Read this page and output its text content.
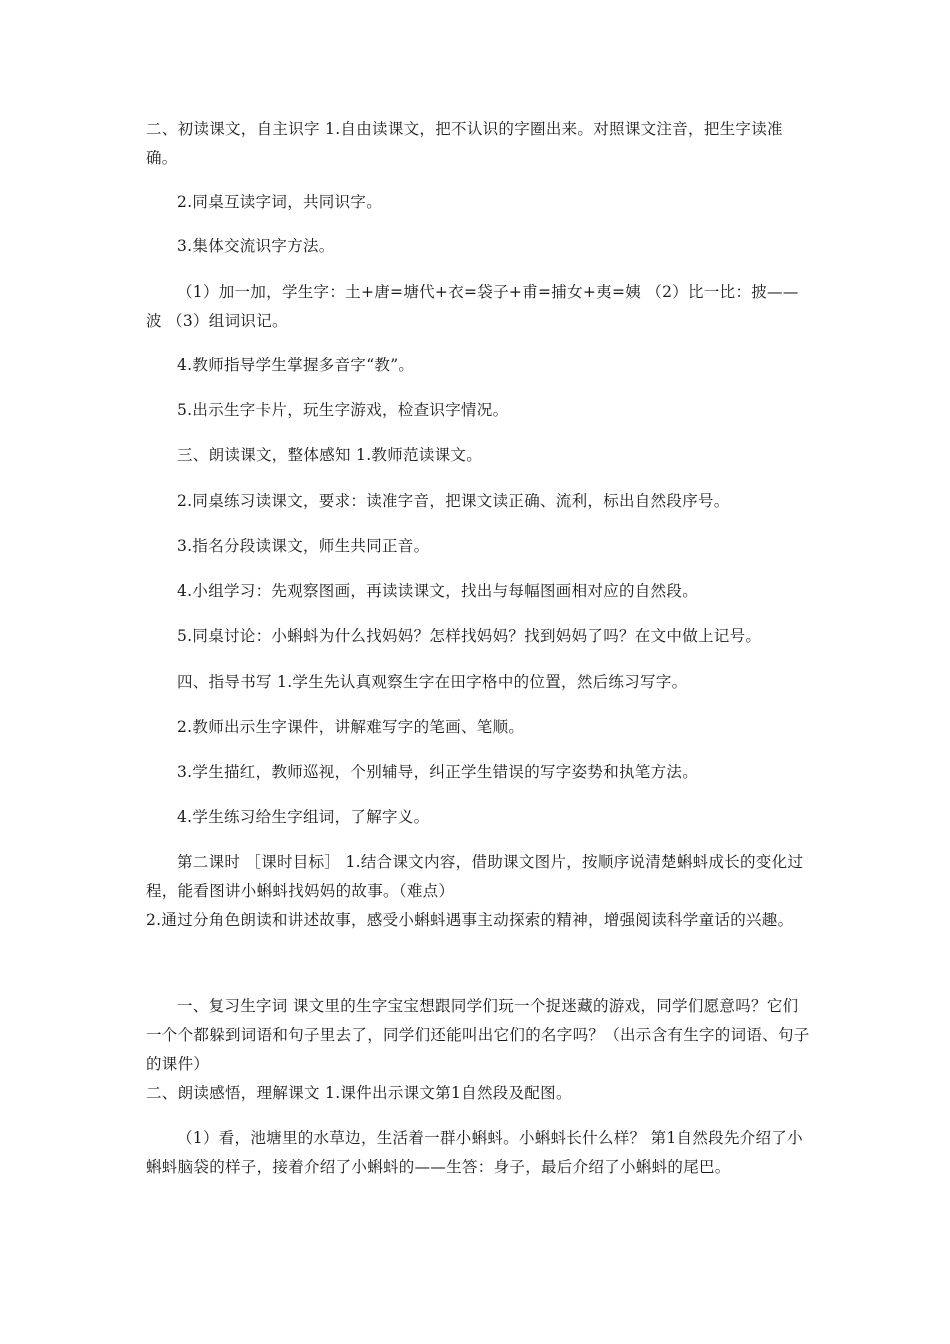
二、初读课文，自主识字 1.自由读课文，把不认识的字圈出来。对照课文注音，把生字读准确。

2.同桌互读字词，共同识字。

3.集体交流识字方法。

（1）加一加，学生字：土+唐=塘代+衣=袋子+甫=捕女+夷=姨 （2）比一比：披——波 （3）组词识记。

4.教师指导学生掌握多音字“教”。

5.出示生字卡片，玩生字游戏，检查识字情况。

三、朗读课文，整体感知 1.教师范读课文。

2.同桌练习读课文，要求：读准字音，把课文读正确、流利，标出自然段序号。

3.指名分段读课文，师生共同正音。

4.小组学习：先观察图画，再读读课文，找出与每幅图画相对应的自然段。

5.同桌讨论：小蝌蚪为什么找妈妈？怎样找妈妈？找到妈妈了吗？在文中做上记号。

四、指导书写 1.学生先认真观察生字在田字格中的位置，然后练习写字。

2.教师出示生字课件，讲解难写字的笔画、笔顺。

3.学生描红，教师巡视，个别辅导，纠正学生错误的写字姿势和执笔方法。

4.学生练习给生字组词，了解字义。

第二课时 ［课时目标］ 1.结合课文内容，借助课文图片，按顺序说清楚蝌蚪成长的变化过程，能看图讲小蝌蚪找妈妈的故事。（难点）

2.通过分角色朗读和讲述故事，感受小蝌蚪遇事主动探索的精神，增强阅读科学童话的兴趣。

一、复习生字词 课文里的生字宝宝想跟同学们玩一个捉迷藏的游戏，同学们愿意吗？它们一个个都躲到词语和句子里去了，同学们还能叫出它们的名字吗？（出示含有生字的词语、句子的课件）

二、朗读感悟，理解课文 1.课件出示课文第1自然段及配图。

（1）看，池塘里的水草边，生活着一群小蝌蚪。小蝌蚪长什么样？ 第1自然段先介绍了小蝌蚪脑袋的样子，接着介绍了小蝌蚪的——生答：身子，最后介绍了小蝌蚪的尾巴。
